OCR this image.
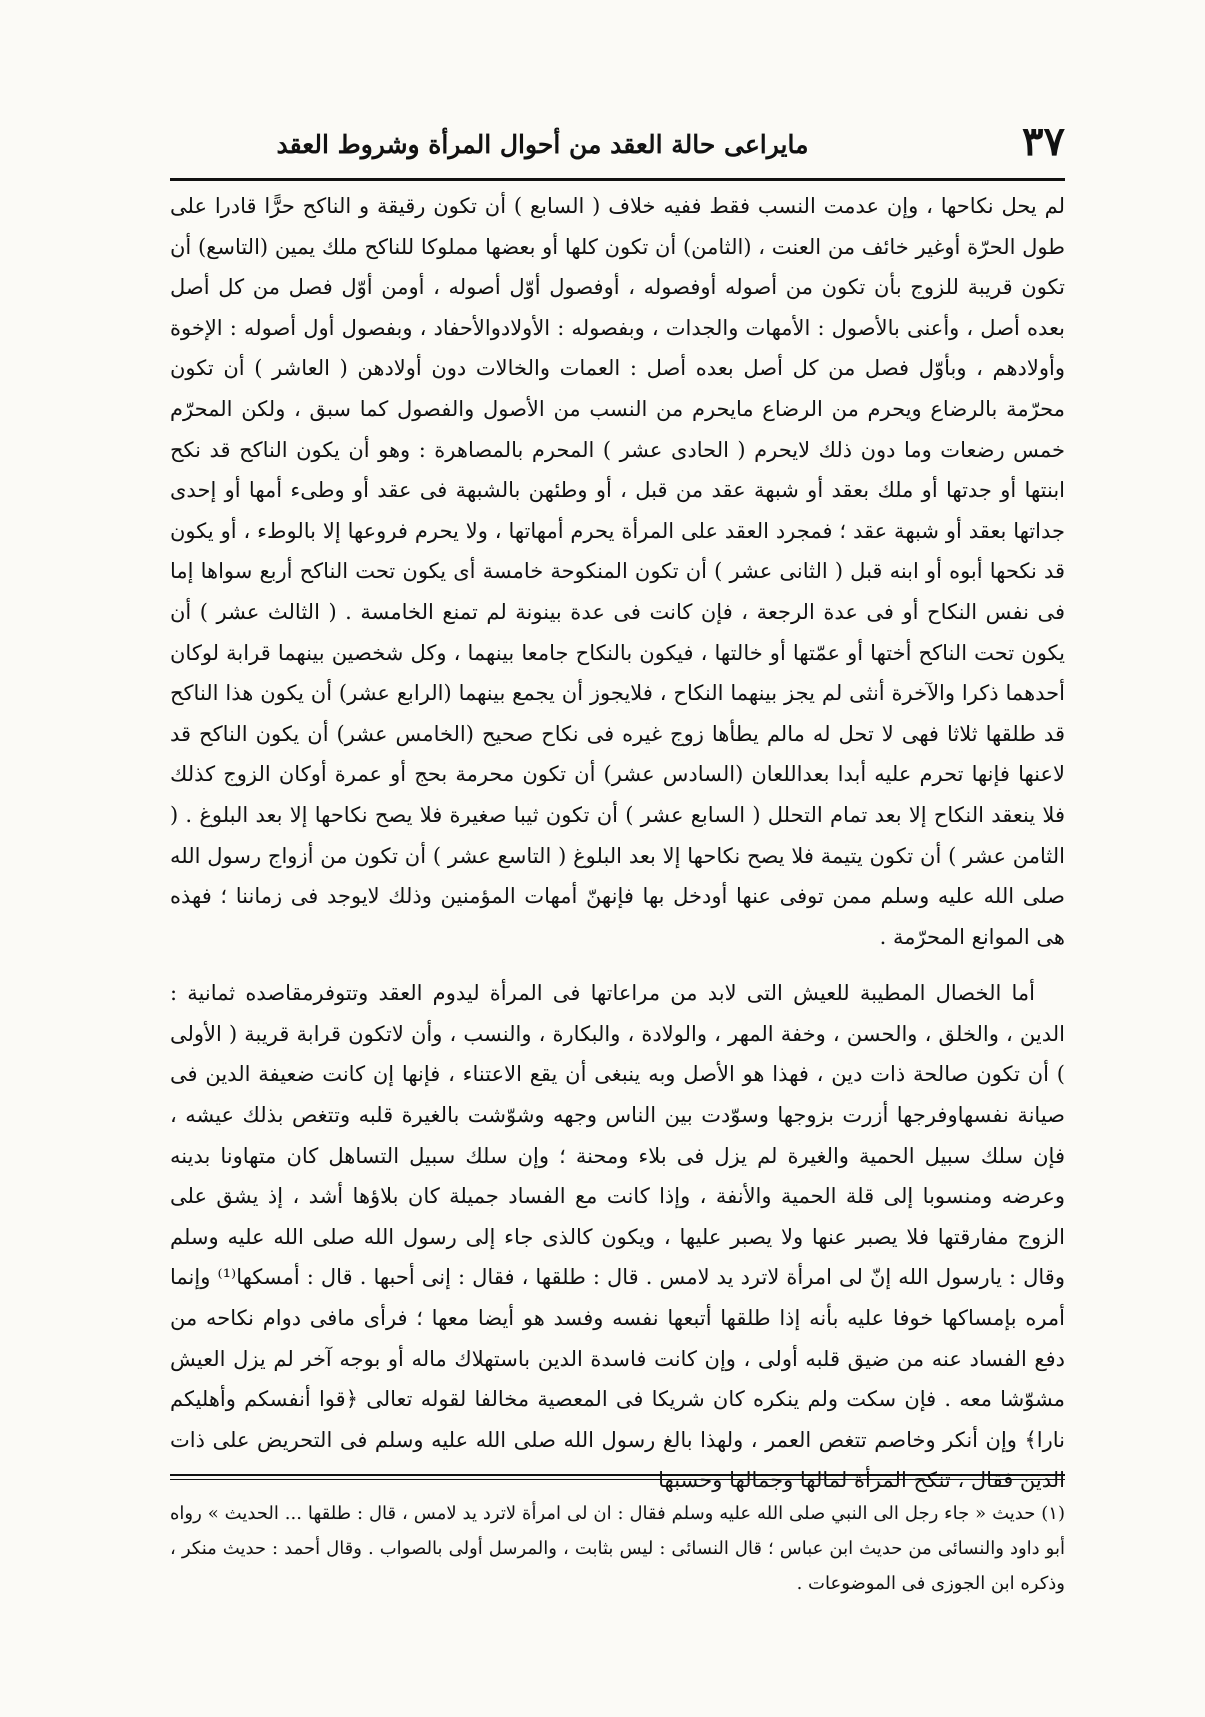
٣٧
مايراعى حالة العقد من أحوال المرأة وشروط العقد

لم يحل نكاحها ، وإن عدمت النسب فقط ففيه خلاف ( السابع ) أن تكون رقيقة و الناكح حرًّا قادرا على طول الحرّة أوغير خائف من العنت ، (الثامن) أن تكون كلها أو بعضها مملوكا للناكح ملك يمين (التاسع) أن تكون قريبة للزوج بأن تكون من أصوله أوفصوله ، أوفصول أوّل أصوله ، أومن أوّل فصل من كل أصل بعده أصل ، وأعنى بالأصول : الأمهات والجدات ، وبفصوله : الأولادوالأحفاد ، وبفصول أول أصوله : الإخوة وأولادهم ، وبأوّل فصل من كل أصل بعده أصل : العمات والخالات دون أولادهن ( العاشر ) أن تكون محرّمة بالرضاع ويحرم من الرضاع مايحرم من النسب من الأصول والفصول كما سبق ، ولكن المحرّم خمس رضعات وما دون ذلك لايحرم ( الحادى عشر ) المحرم بالمصاهرة : وهو أن يكون الناكح قد نكح ابنتها أو جدتها أو ملك بعقد أو شبهة عقد من قبل ، أو وطئهن بالشبهة فى عقد أو وطىء أمها أو إحدى جداتها بعقد أو شبهة عقد ؛ فمجرد العقد على المرأة يحرم أمهاتها ، ولا يحرم فروعها إلا بالوطء ، أو يكون قد نكحها أبوه أو ابنه قبل ( الثانى عشر ) أن تكون المنكوحة خامسة أى يكون تحت الناكح أربع سواها إما فى نفس النكاح أو فى عدة الرجعة ، فإن كانت فى عدة بينونة لم تمنع الخامسة . ( الثالث عشر ) أن يكون تحت الناكح أختها أو عمّتها أو خالتها ، فيكون بالنكاح جامعا بينهما ، وكل شخصين بينهما قرابة لوكان أحدهما ذكرا والآخرة أنثى لم يجز بينهما النكاح ، فلايجوز أن يجمع بينهما (الرابع عشر) أن يكون هذا الناكح قد طلقها ثلاثا فهى لا تحل له مالم يطأها زوج غيره فى نكاح صحيح (الخامس عشر) أن يكون الناكح قد لاعنها فإنها تحرم عليه أبدا بعداللعان (السادس عشر) أن تكون محرمة بحج أو عمرة أوكان الزوج كذلك فلا ينعقد النكاح إلا بعد تمام التحلل ( السابع عشر ) أن تكون ثيبا صغيرة فلا يصح نكاحها إلا بعد البلوغ . ( الثامن عشر ) أن تكون يتيمة فلا يصح نكاحها إلا بعد البلوغ ( التاسع عشر ) أن تكون من أزواج رسول الله صلى الله عليه وسلم ممن توفى عنها أودخل بها فإنهنّ أمهات المؤمنين وذلك لايوجد فى زماننا ؛ فهذه هى الموانع المحرّمة .

أما الخصال المطيبة للعيش التى لابد من مراعاتها فى المرأة ليدوم العقد وتتوفرمقاصده ثمانية : الدين ، والخلق ، والحسن ، وخفة المهر ، والولادة ، والبكارة ، والنسب ، وأن لاتكون قرابة قريبة ( الأولى ) أن تكون صالحة ذات دين ، فهذا هو الأصل وبه ينبغى أن يقع الاعتناء ، فإنها إن كانت ضعيفة الدين فى صيانة نفسهاوفرجها أزرت بزوجها وسوّدت بين الناس وجهه وشوّشت بالغيرة قلبه وتتغص بذلك عيشه ، فإن سلك سبيل الحمية والغيرة لم يزل فى بلاء ومحنة ؛ وإن سلك سبيل التساهل كان متهاونا بدينه وعرضه ومنسوبا إلى قلة الحمية والأنفة ، وإذا كانت مع الفساد جميلة كان بلاؤها أشد ، إذ يشق على الزوج مفارقتها فلا يصبر عنها ولا يصبر عليها ، ويكون كالذى جاء إلى رسول الله صلى الله عليه وسلم وقال : يارسول الله إنّ لى امرأة لاترد يد لامس . قال : طلقها ، فقال : إنى أحبها . قال : أمسكها⁽¹⁾ وإنما أمره بإمساكها خوفا عليه بأنه إذا طلقها أتبعها نفسه وفسد هو أيضا معها ؛ فرأى مافى دوام نكاحه من دفع الفساد عنه من ضيق قلبه أولى ، وإن كانت فاسدة الدين باستهلاك ماله أو بوجه آخر لم يزل العيش مشوّشا معه . فإن سكت ولم ينكره كان شريكا فى المعصية مخالفا لقوله تعالى ﴿قوا أنفسكم وأهليكم نارا﴾ وإن أنكر وخاصم تتغص العمر ، ولهذا بالغ رسول الله صلى الله عليه وسلم فى التحريض على ذات الدين فقال ، تنكح المرأة لمالها وجمالها وحسبها

(١) حديث « جاء رجل الى النبي صلى الله عليه وسلم فقال : ان لى امرأة لاترد يد لامس ، قال : طلقها ... الحديث » رواه أبو داود والنسائى من حديث ابن عباس ؛ قال النسائى : ليس بثابت ، والمرسل أولى بالصواب . وقال أحمد : حديث منكر ، وذكره ابن الجوزى فى الموضوعات .
